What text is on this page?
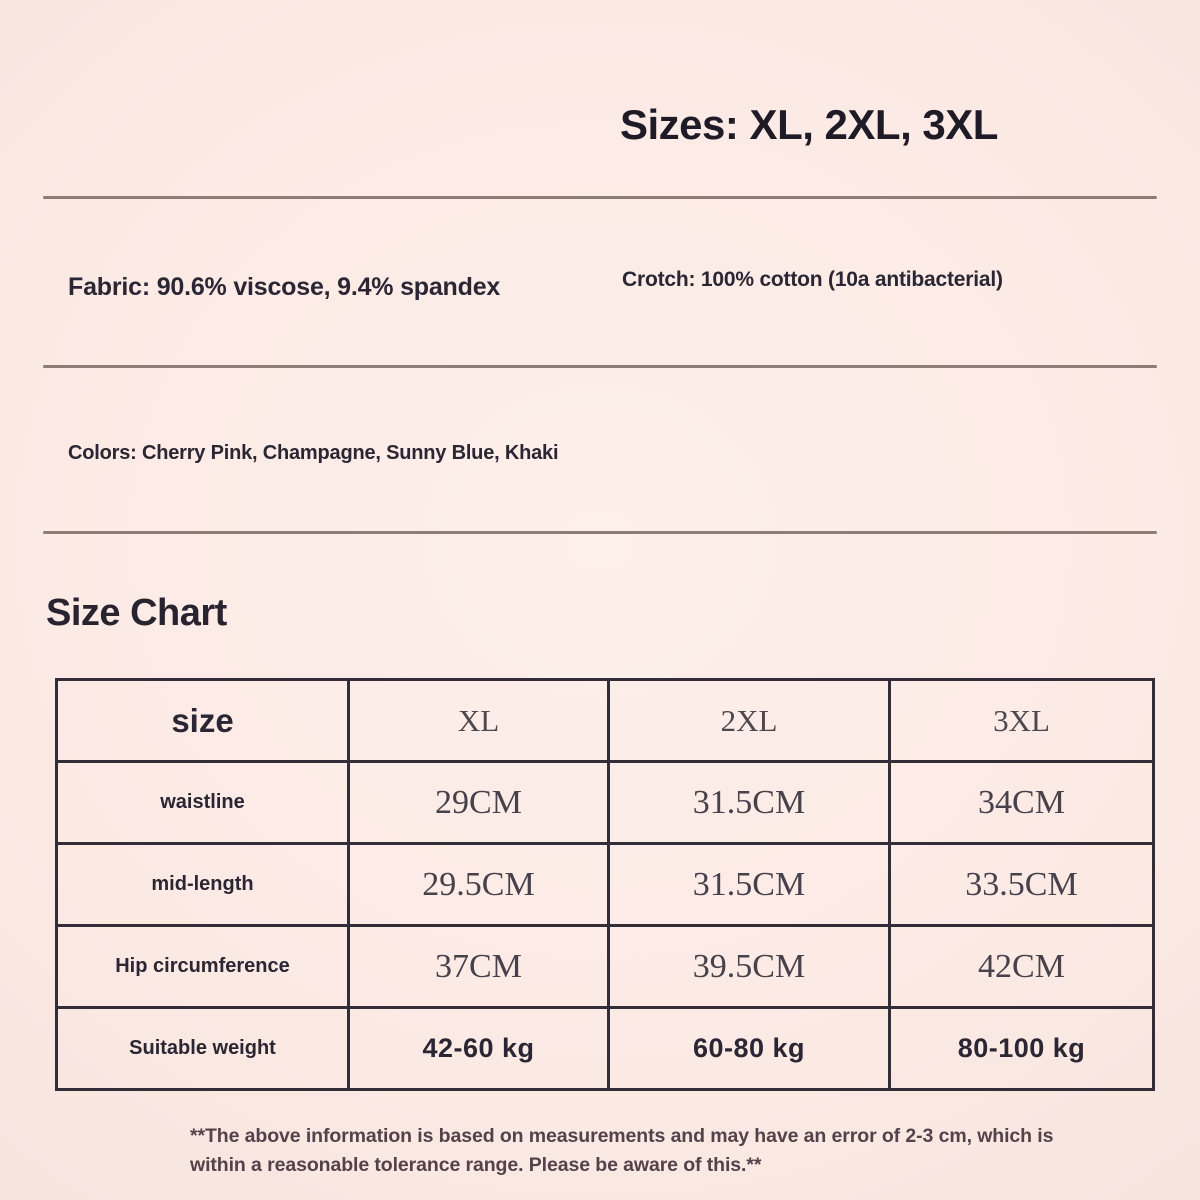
Sizes: XL, 2XL, 3XL
Fabric: 90.6% viscose, 9.4% spandex	Crotch: 100% cotton (10a antibacterial)
Colors: Cherry Pink, Champagne, Sunny Blue, Khaki
Size Chart
size	XL	2XL	3XL
waistline	29CM	31.5CM	34CM
mid-length	29.5CM	31.5CM	33.5CM
Hip circumference	37CM	39.5CM	42CM
Suitable weight	42-60 kg	60-80 kg	80-100 kg
**The above information is based on measurements and may have an error of 2-3 cm, which is within a reasonable tolerance range. Please be aware of this.**
